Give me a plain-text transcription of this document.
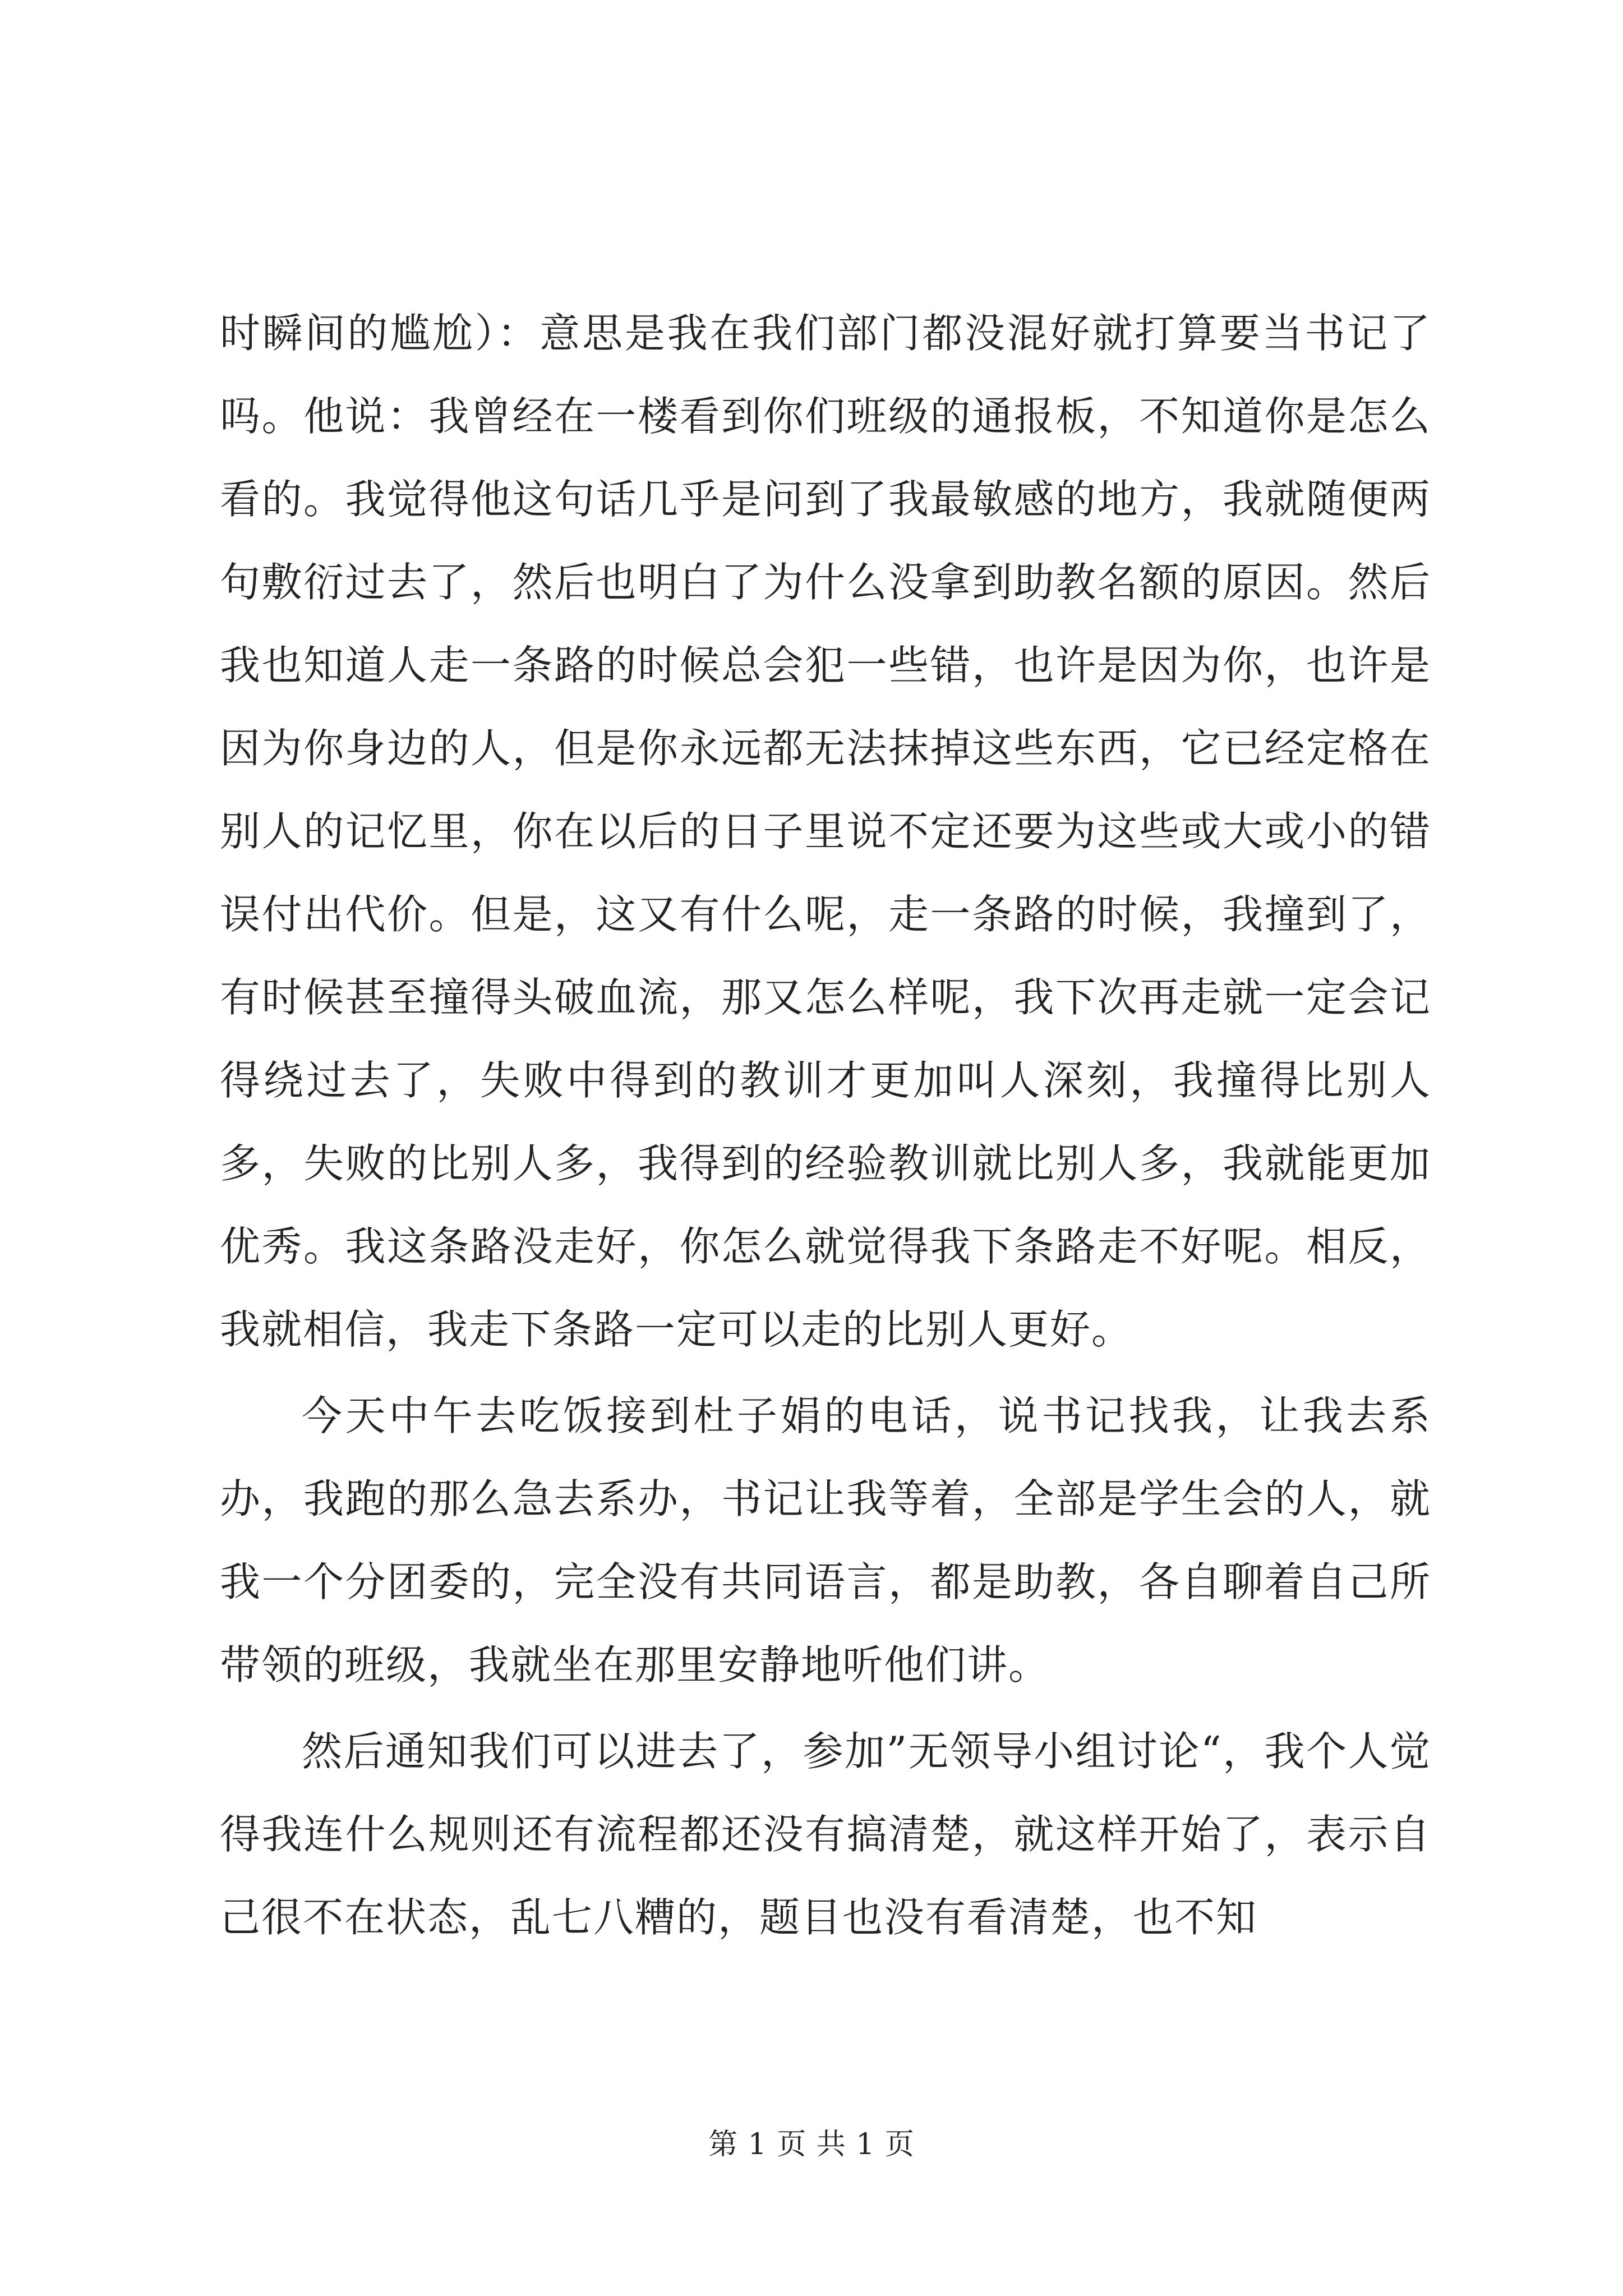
时瞬间的尴尬）：意思是我在我们部门都没混好就打算要当书记了吗。他说：我曾经在一楼看到你们班级的通报板，不知道你是怎么看的。我觉得他这句话几乎是问到了我最敏感的地方，我就随便两句敷衍过去了，然后也明白了为什么没拿到助教名额的原因。然后我也知道人走一条路的时候总会犯一些错，也许是因为你，也许是因为你身边的人，但是你永远都无法抹掉这些东西，它已经定格在别人的记忆里，你在以后的日子里说不定还要为这些或大或小的错误付出代价。但是，这又有什么呢，走一条路的时候，我撞到了，有时候甚至撞得头破血流，那又怎么样呢，我下次再走就一定会记得绕过去了，失败中得到的教训才更加叫人深刻，我撞得比别人多，失败的比别人多，我得到的经验教训就比别人多，我就能更加优秀。我这条路没走好，你怎么就觉得我下条路走不好呢。相反，我就相信，我走下条路一定可以走的比别人更好。

今天中午去吃饭接到杜子娟的电话，说书记找我，让我去系办，我跑的那么急去系办，书记让我等着，全部是学生会的人，就我一个分团委的，完全没有共同语言，都是助教，各自聊着自己所带领的班级，我就坐在那里安静地听他们讲。

然后通知我们可以进去了，参加”无领导小组讨论“，我个人觉得我连什么规则还有流程都还没有搞清楚，就这样开始了，表示自己很不在状态，乱七八糟的，题目也没有看清楚，也不知

第 1 页 共 1 页
